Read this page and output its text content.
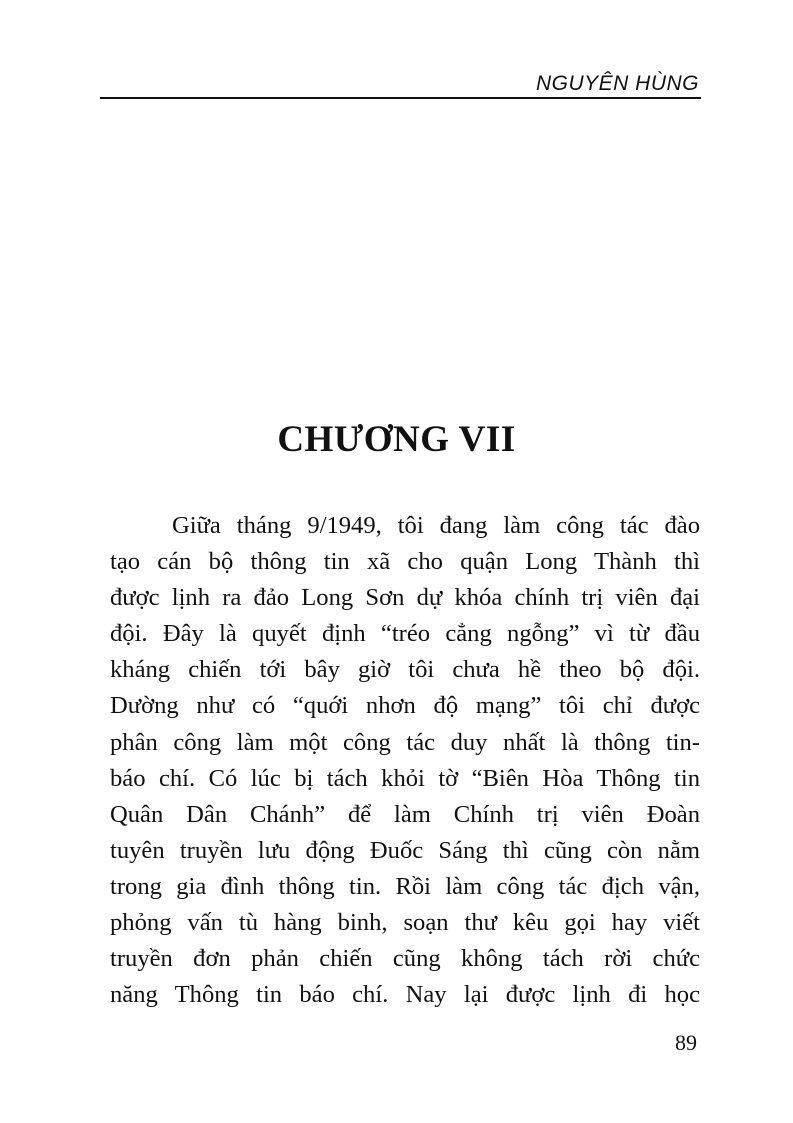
NGUYÊN HÙNG
CHƯƠNG VII
Giữa tháng 9/1949, tôi đang làm công tác đào
tạo cán bộ thông tin xã cho quận Long Thành thì
được lịnh ra đảo Long Sơn dự khóa chính trị viên đại
đội. Đây là quyết định “tréo cẳng ngỗng” vì từ đầu
kháng chiến tới bây giờ tôi chưa hề theo bộ đội.
Dường như có “quới nhơn độ mạng” tôi chỉ được
phân công làm một công tác duy nhất là thông tin-
báo chí. Có lúc bị tách khỏi tờ “Biên Hòa Thông tin
Quân Dân Chánh” để làm Chính trị viên Đoàn
tuyên truyền lưu động Đuốc Sáng thì cũng còn nằm
trong gia đình thông tin. Rồi làm công tác địch vận,
phỏng vấn tù hàng binh, soạn thư kêu gọi hay viết
truyền đơn phản chiến cũng không tách rời chức
năng Thông tin báo chí. Nay lại được lịnh đi học
89
